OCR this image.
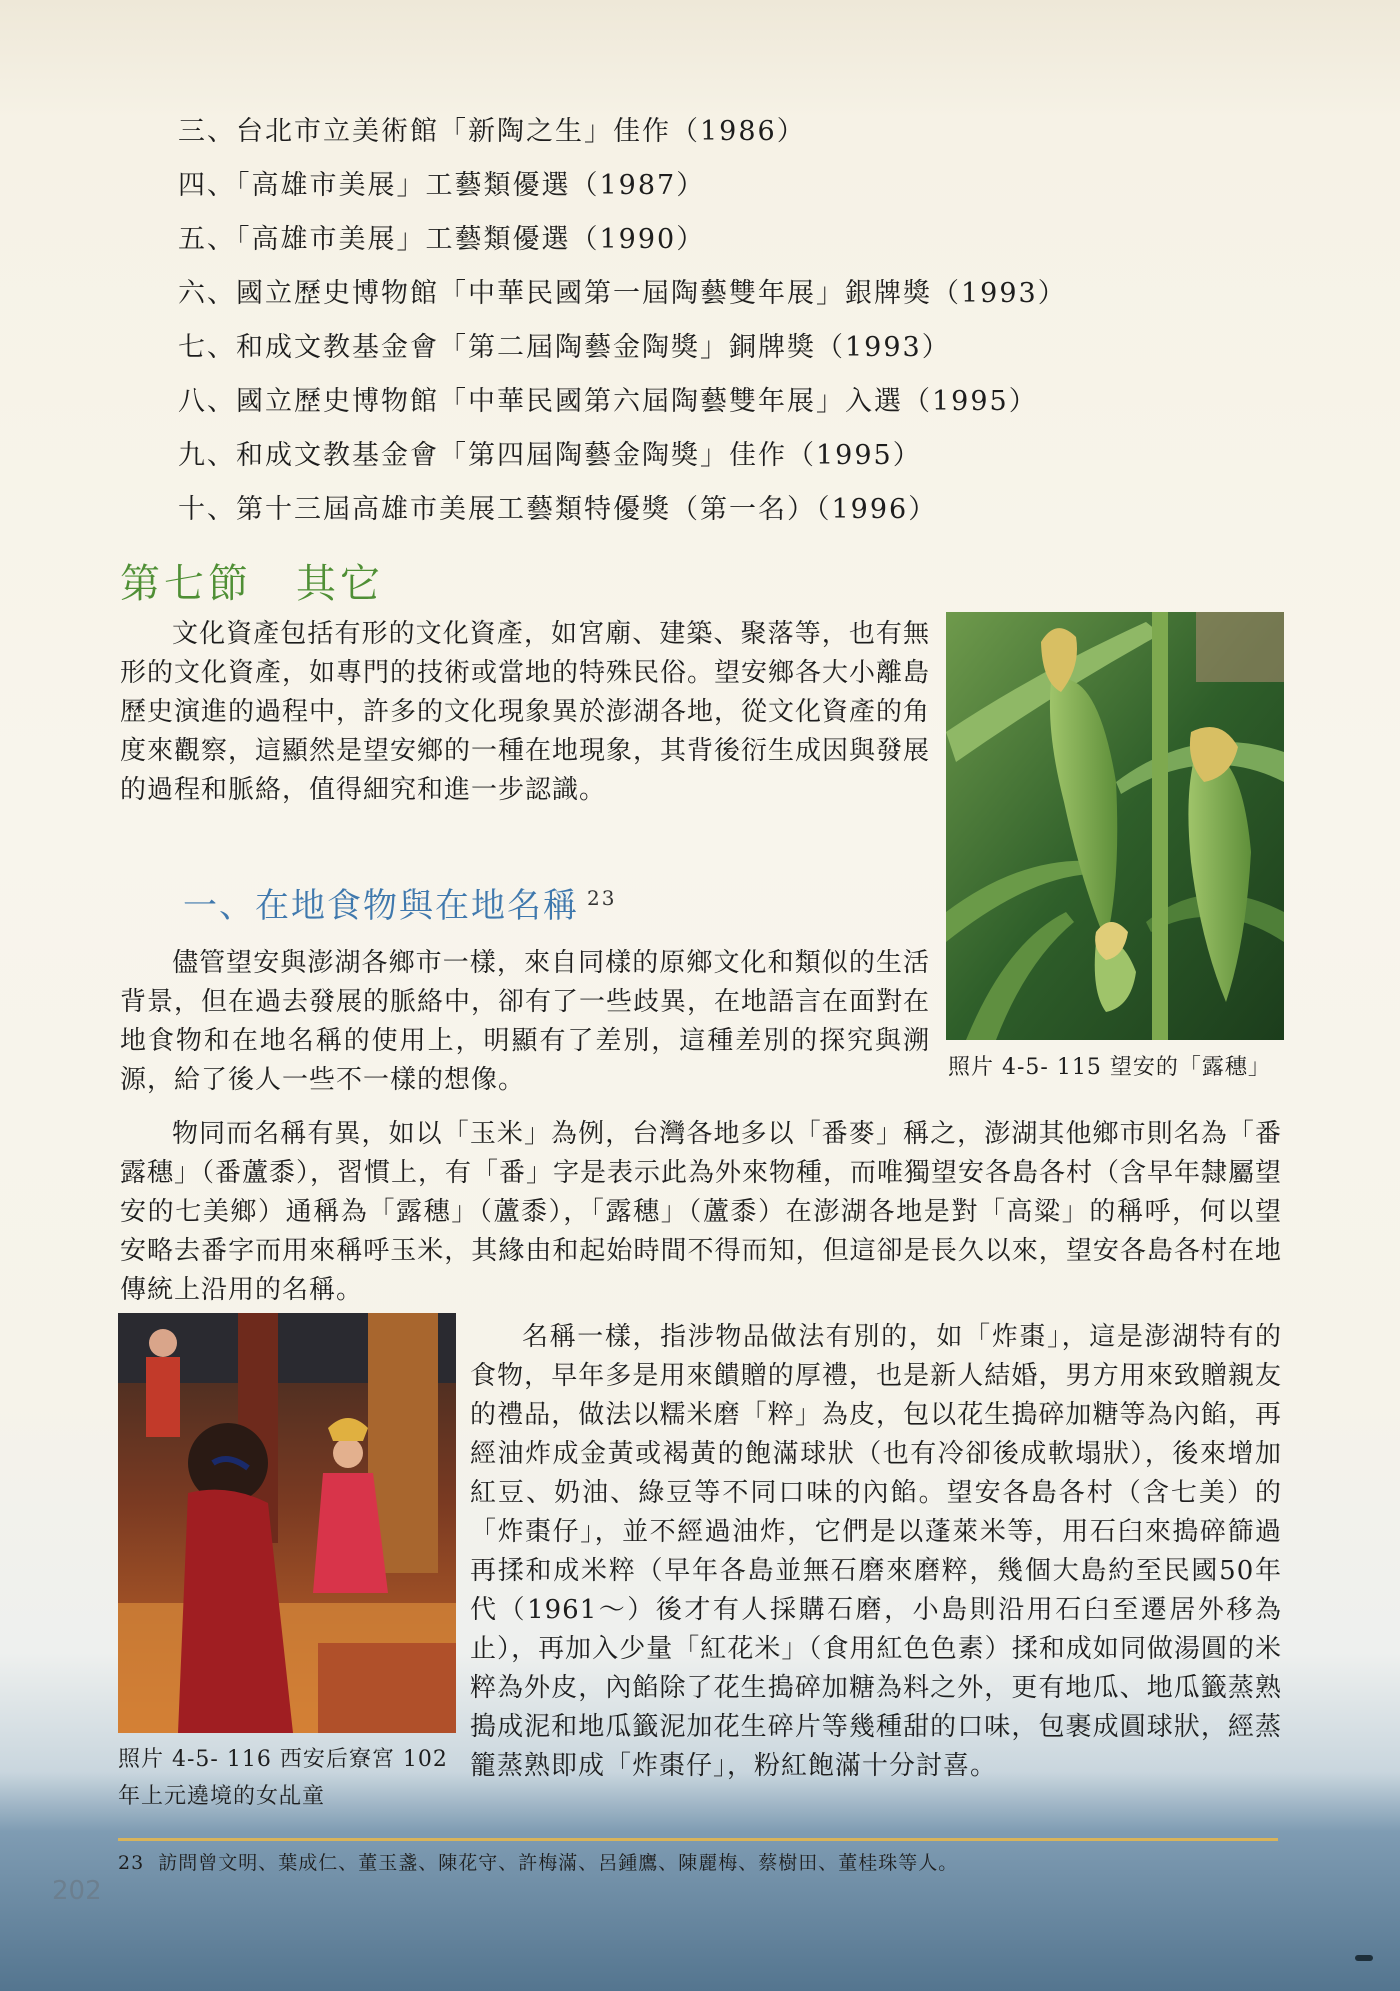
三、台北市立美術館「新陶之生」佳作（1986）
四、「高雄市美展」工藝類優選（1987）
五、「高雄市美展」工藝類優選（1990）
六、國立歷史博物館「中華民國第一屆陶藝雙年展」銀牌獎（1993）
七、和成文教基金會「第二屆陶藝金陶獎」銅牌獎（1993）
八、國立歷史博物館「中華民國第六屆陶藝雙年展」入選（1995）
九、和成文教基金會「第四屆陶藝金陶獎」佳作（1995）
十、第十三屆高雄市美展工藝類特優獎（第一名）（1996）
第七節　其它

文化資產包括有形的文化資產，如宮廟、建築、聚落等，也有無形的文化資產，如專門的技術或當地的特殊民俗。望安鄉各大小離島歷史演進的過程中，許多的文化現象異於澎湖各地，從文化資產的角度來觀察，這顯然是望安鄉的一種在地現象，其背後衍生成因與發展的過程和脈絡，值得細究和進一步認識。

照片 4-5- 115 望安的「露穗」

一、在地食物與在地名稱 $^{23}$

儘管望安與澎湖各鄉市一樣，來自同樣的原鄉文化和類似的生活背景，但在過去發展的脈絡中，卻有了一些歧異，在地語言在面對在地食物和在地名稱的使用上，明顯有了差別，這種差別的探究與溯源，給了後人一些不一樣的想像。

物同而名稱有異，如以「玉米」為例，台灣各地多以「番麥」稱之，澎湖其他鄉市則名為「番露穗」（番蘆黍），習慣上，有「番」字是表示此為外來物種，而唯獨望安各島各村（含早年隸屬望安的七美鄉）通稱為「露穗」（蘆黍），「露穗」（蘆黍）在澎湖各地是對「高粱」的稱呼，何以望安略去番字而用來稱呼玉米，其緣由和起始時間不得而知，但這卻是長久以來，望安各島各村在地傳統上沿用的名稱。

照片 4-5- 116 西安后寮宮 102 年上元遶境的女乩童

名稱一樣，指涉物品做法有別的，如「炸棗」，這是澎湖特有的食物，早年多是用來饋贈的厚禮，也是新人結婚，男方用來致贈親友的禮品，做法以糯米磨「粹」為皮，包以花生搗碎加糖等為內餡，再經油炸成金黃或褐黃的飽滿球狀（也有冷卻後成軟塌狀），後來增加紅豆、奶油、綠豆等不同口味的內餡。望安各島各村（含七美）的「炸棗仔」，並不經過油炸，它們是以蓬萊米等，用石臼來搗碎篩過再揉和成米粹（早年各島並無石磨來磨粹，幾個大島約至民國50年代（1961～）後才有人採購石磨，小島則沿用石臼至遷居外移為止），再加入少量「紅花米」（食用紅色色素）揉和成如同做湯圓的米粹為外皮，內餡除了花生搗碎加糖為料之外，更有地瓜、地瓜籤蒸熟搗成泥和地瓜籤泥加花生碎片等幾種甜的口味，包裹成圓球狀，經蒸籠蒸熟即成「炸棗仔」，粉紅飽滿十分討喜。

23 訪問曾文明、葉成仁、董玉盞、陳花守、許梅滿、呂鍾鷹、陳麗梅、蔡樹田、董桂珠等人。

202
